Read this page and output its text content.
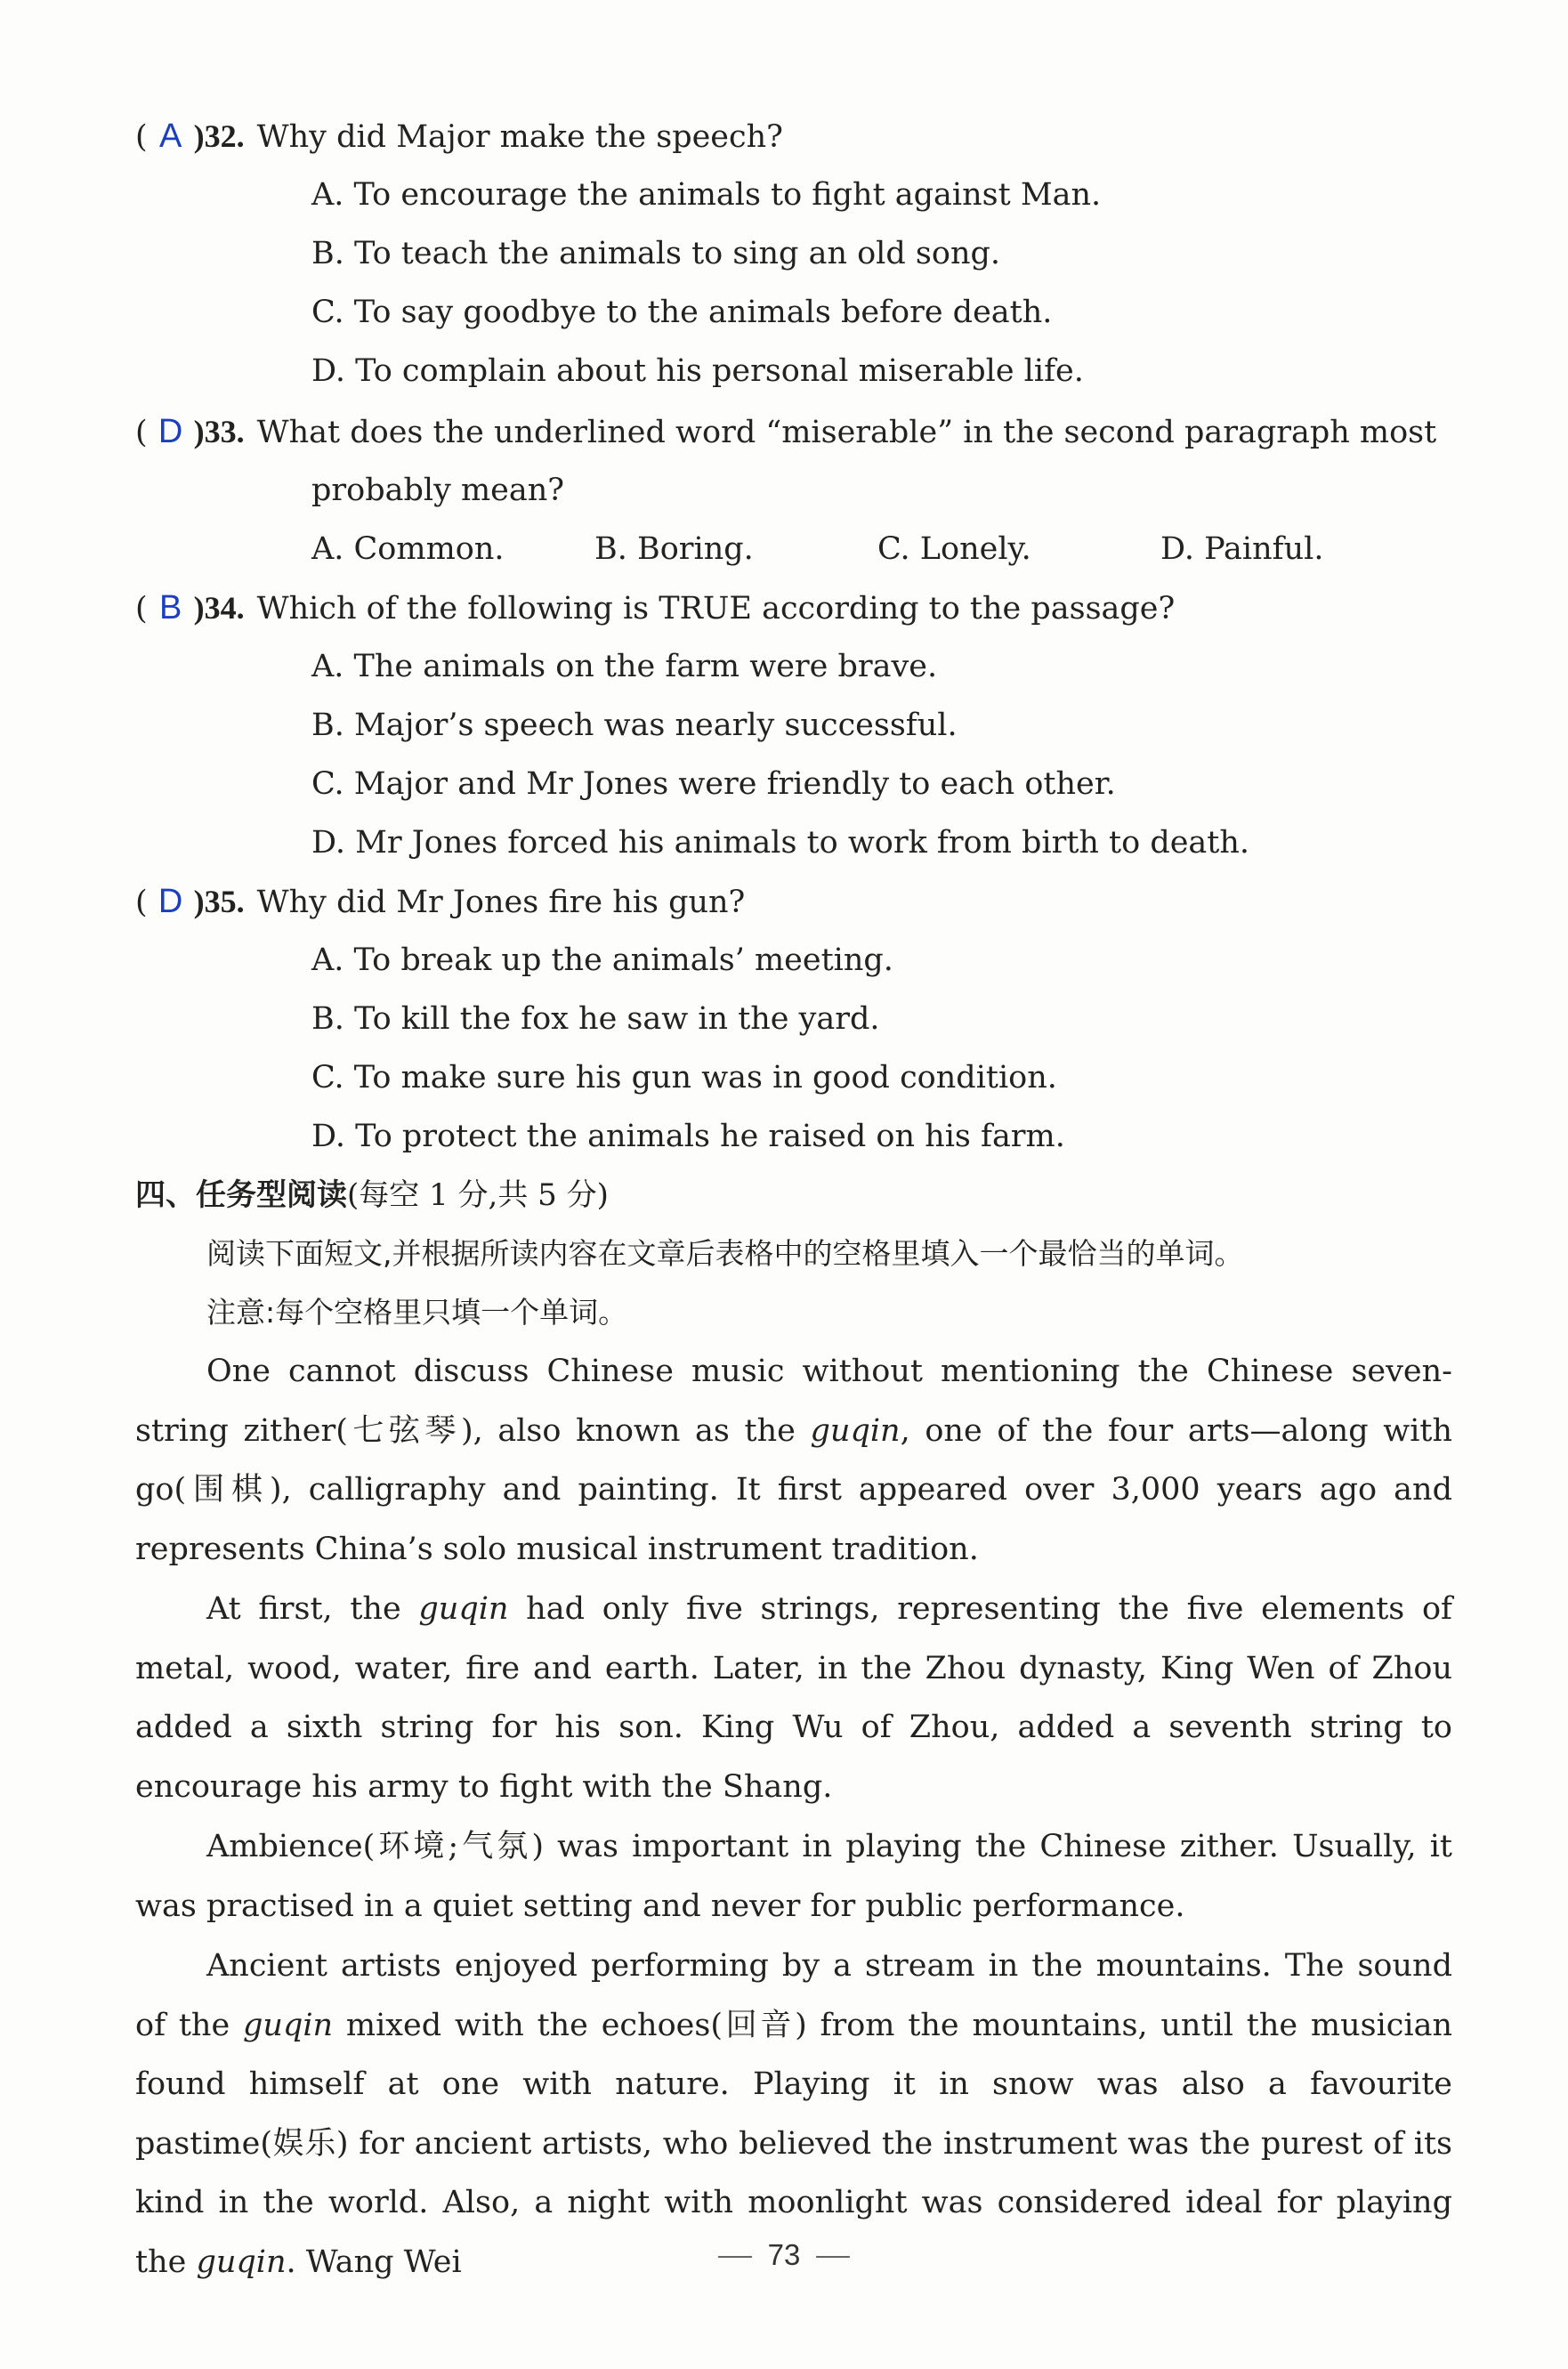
( A )32. Why did Major make the speech?
A. To encourage the animals to fight against Man.
B. To teach the animals to sing an old song.
C. To say goodbye to the animals before death.
D. To complain about his personal miserable life.
( D )33. What does the underlined word “miserable” in the second paragraph most
probably mean?
A. Common.	B. Boring.	C. Lonely.	D. Painful.
( B )34. Which of the following is TRUE according to the passage?
A. The animals on the farm were brave.
B. Major’s speech was nearly successful.
C. Major and Mr Jones were friendly to each other.
D. Mr Jones forced his animals to work from birth to death.
( D )35. Why did Mr Jones fire his gun?
A. To break up the animals’ meeting.
B. To kill the fox he saw in the yard.
C. To make sure his gun was in good condition.
D. To protect the animals he raised on his farm.
四、任务型阅读(每空 1 分,共 5 分)
阅读下面短文,并根据所读内容在文章后表格中的空格里填入一个最恰当的单词。
注意:每个空格里只填一个单词。
One cannot discuss Chinese music without mentioning the Chinese seven-string zither(七弦琴), also known as the guqin, one of the four arts—along with go(围棋), calligraphy and painting. It first appeared over 3,000 years ago and represents China’s solo musical instrument tradition.
At first, the guqin had only five strings, representing the five elements of metal, wood, water, fire and earth. Later, in the Zhou dynasty, King Wen of Zhou added a sixth string for his son. King Wu of Zhou, added a seventh string to encourage his army to fight with the Shang.
Ambience(环境;气氛) was important in playing the Chinese zither. Usually, it was practised in a quiet setting and never for public performance.
Ancient artists enjoyed performing by a stream in the mountains. The sound of the guqin mixed with the echoes(回音) from the mountains, until the musician found himself at one with nature. Playing it in snow was also a favourite pastime(娱乐) for ancient artists, who believed the instrument was the purest of its kind in the world. Also, a night with moonlight was considered ideal for playing the guqin. Wang Wei	73
